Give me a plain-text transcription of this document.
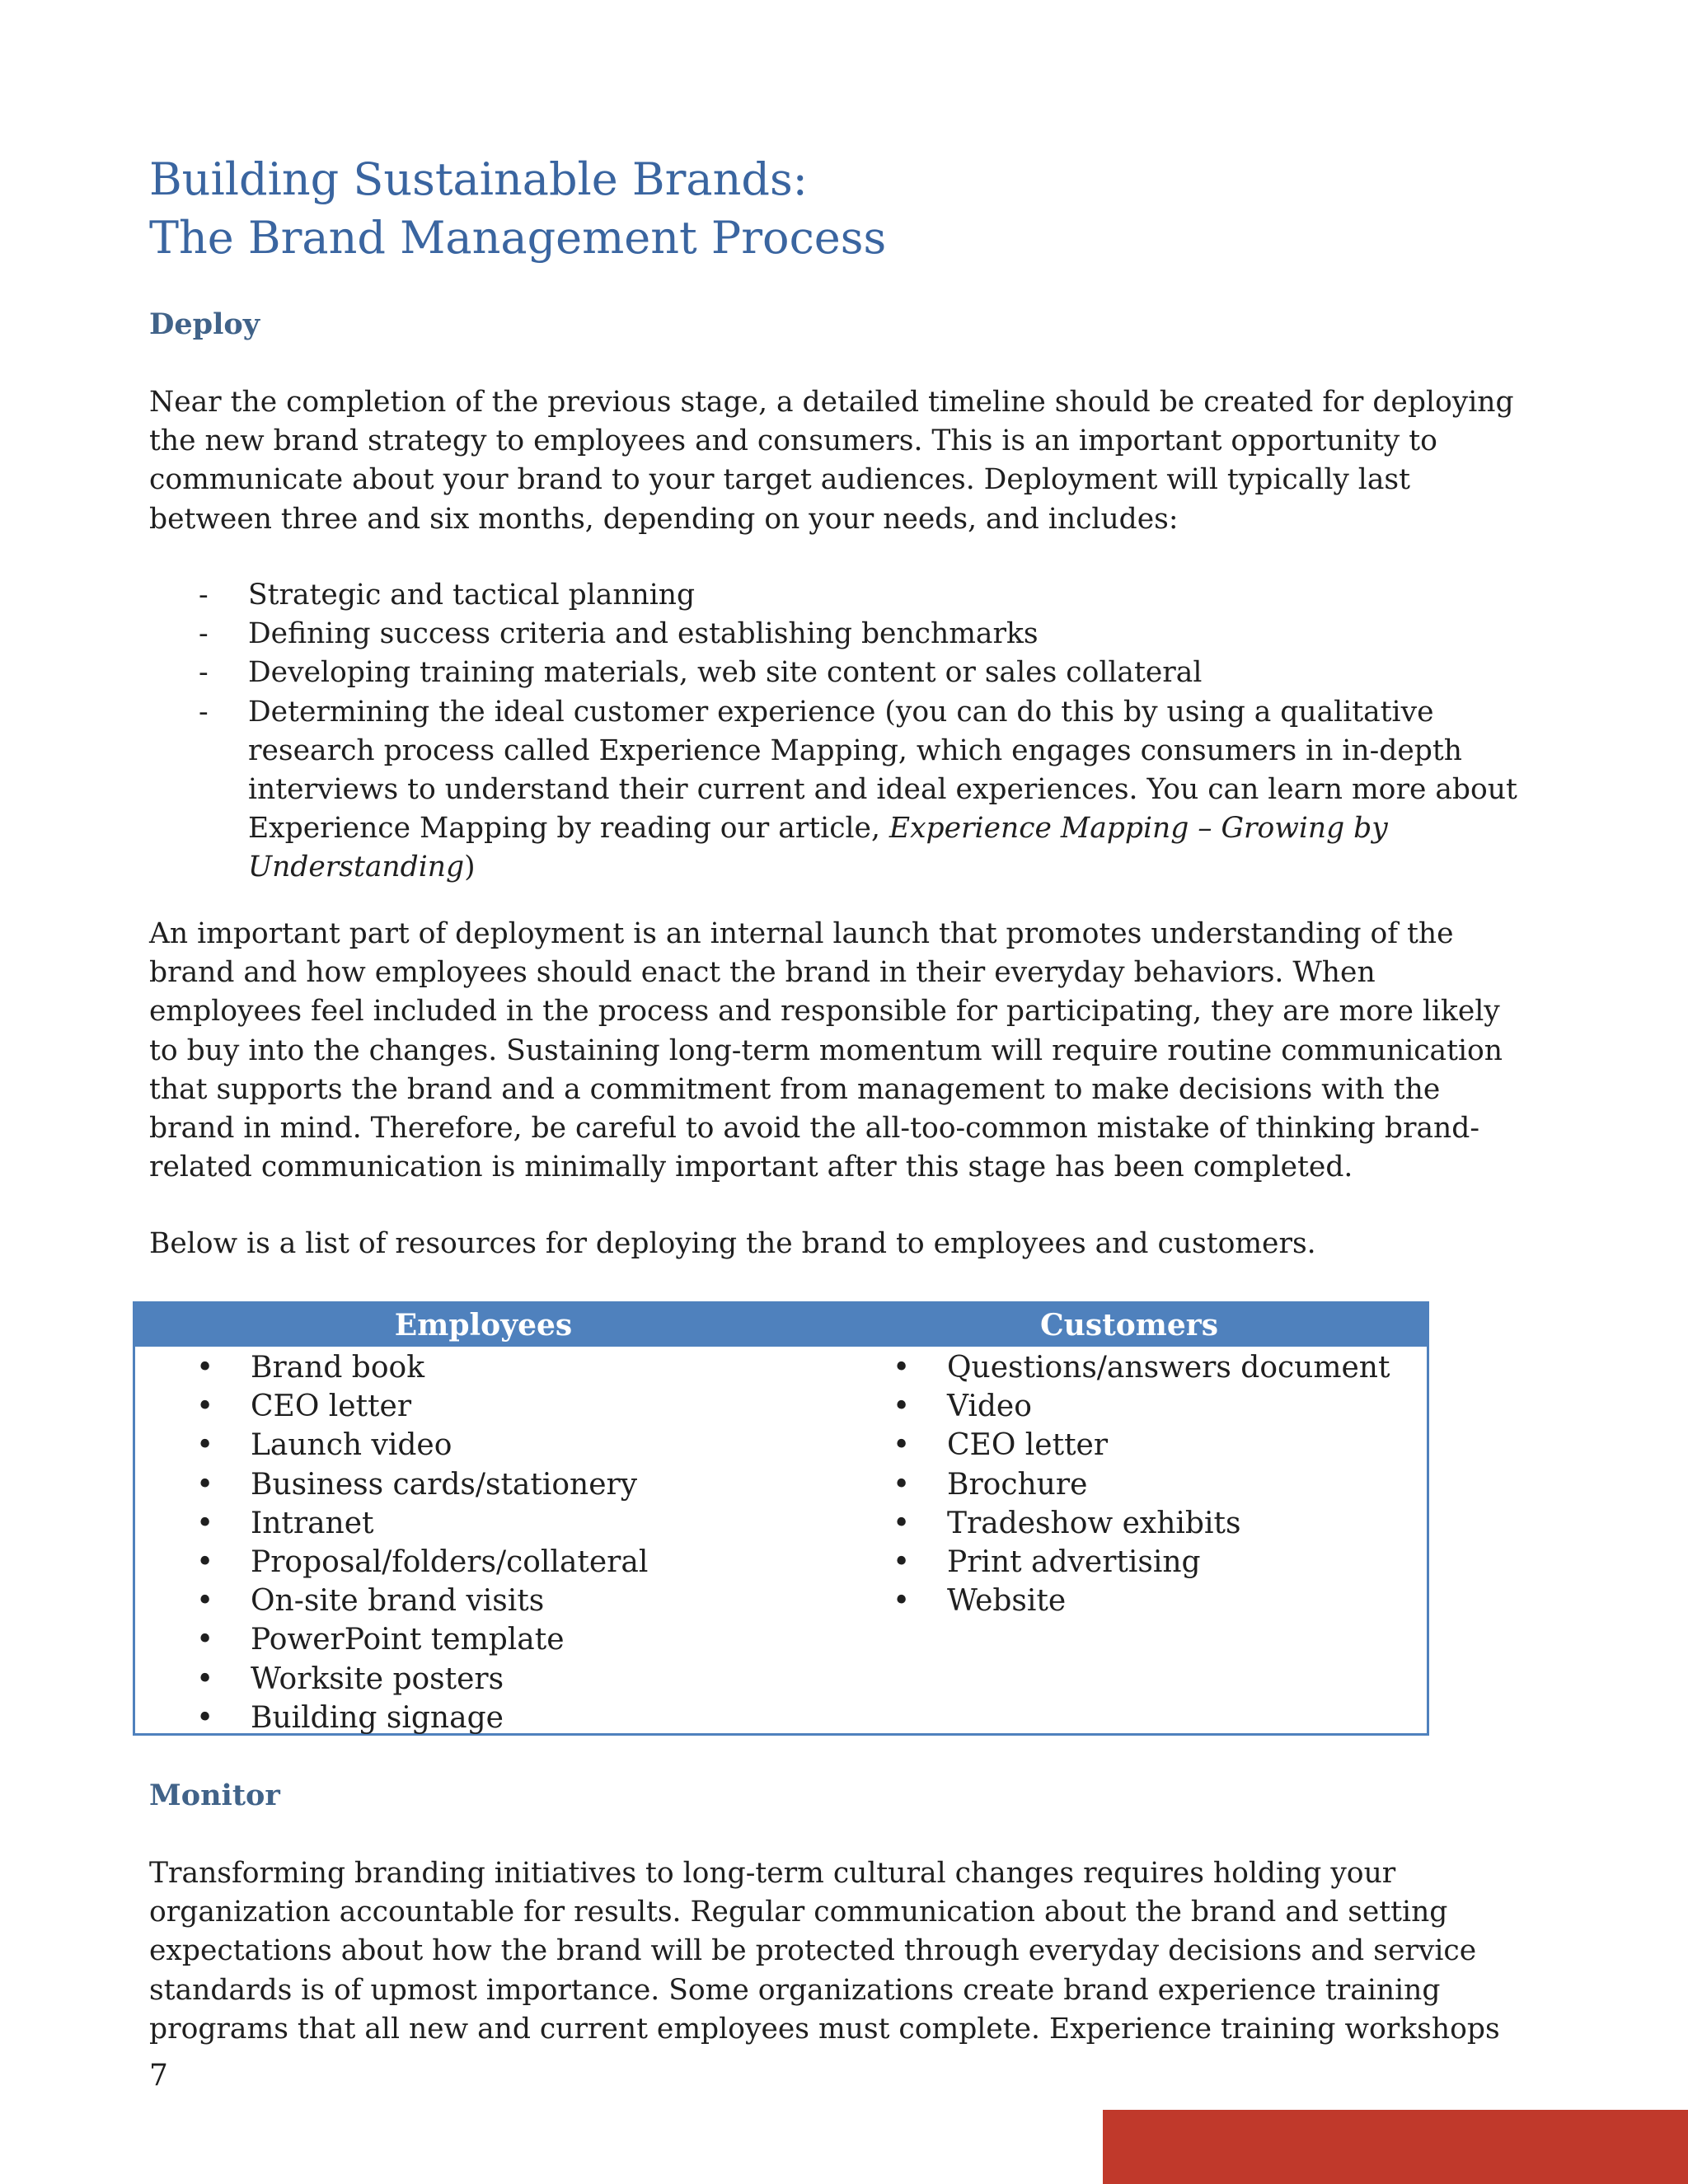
Building Sustainable Brands:
The Brand Management Process
Deploy

Near the completion of the previous stage, a detailed timeline should be created for deploying
the new brand strategy to employees and consumers. This is an important opportunity to
communicate about your brand to your target audiences. Deployment will typically last
between three and six months, depending on your needs, and includes:

- Strategic and tactical planning
- Defining success criteria and establishing benchmarks
- Developing training materials, web site content or sales collateral
- Determining the ideal customer experience (you can do this by using a qualitative
research process called Experience Mapping, which engages consumers in in-depth
interviews to understand their current and ideal experiences. You can learn more about
Experience Mapping by reading our article, Experience Mapping – Growing by
Understanding)

An important part of deployment is an internal launch that promotes understanding of the
brand and how employees should enact the brand in their everyday behaviors. When
employees feel included in the process and responsible for participating, they are more likely
to buy into the changes. Sustaining long-term momentum will require routine communication
that supports the brand and a commitment from management to make decisions with the
brand in mind. Therefore, be careful to avoid the all-too-common mistake of thinking brand-
related communication is minimally important after this stage has been completed.

Below is a list of resources for deploying the brand to employees and customers.

Employees	Customers
• Brand book
• CEO letter
• Launch video
• Business cards/stationery
• Intranet
• Proposal/folders/collateral
• On-site brand visits
• PowerPoint template
• Worksite posters
• Building signage
• Questions/answers document
• Video
• CEO letter
• Brochure
• Tradeshow exhibits
• Print advertising
• Website
Monitor

Transforming branding initiatives to long-term cultural changes requires holding your
organization accountable for results. Regular communication about the brand and setting
expectations about how the brand will be protected through everyday decisions and service
standards is of upmost importance. Some organizations create brand experience training
programs that all new and current employees must complete. Experience training workshops

7
